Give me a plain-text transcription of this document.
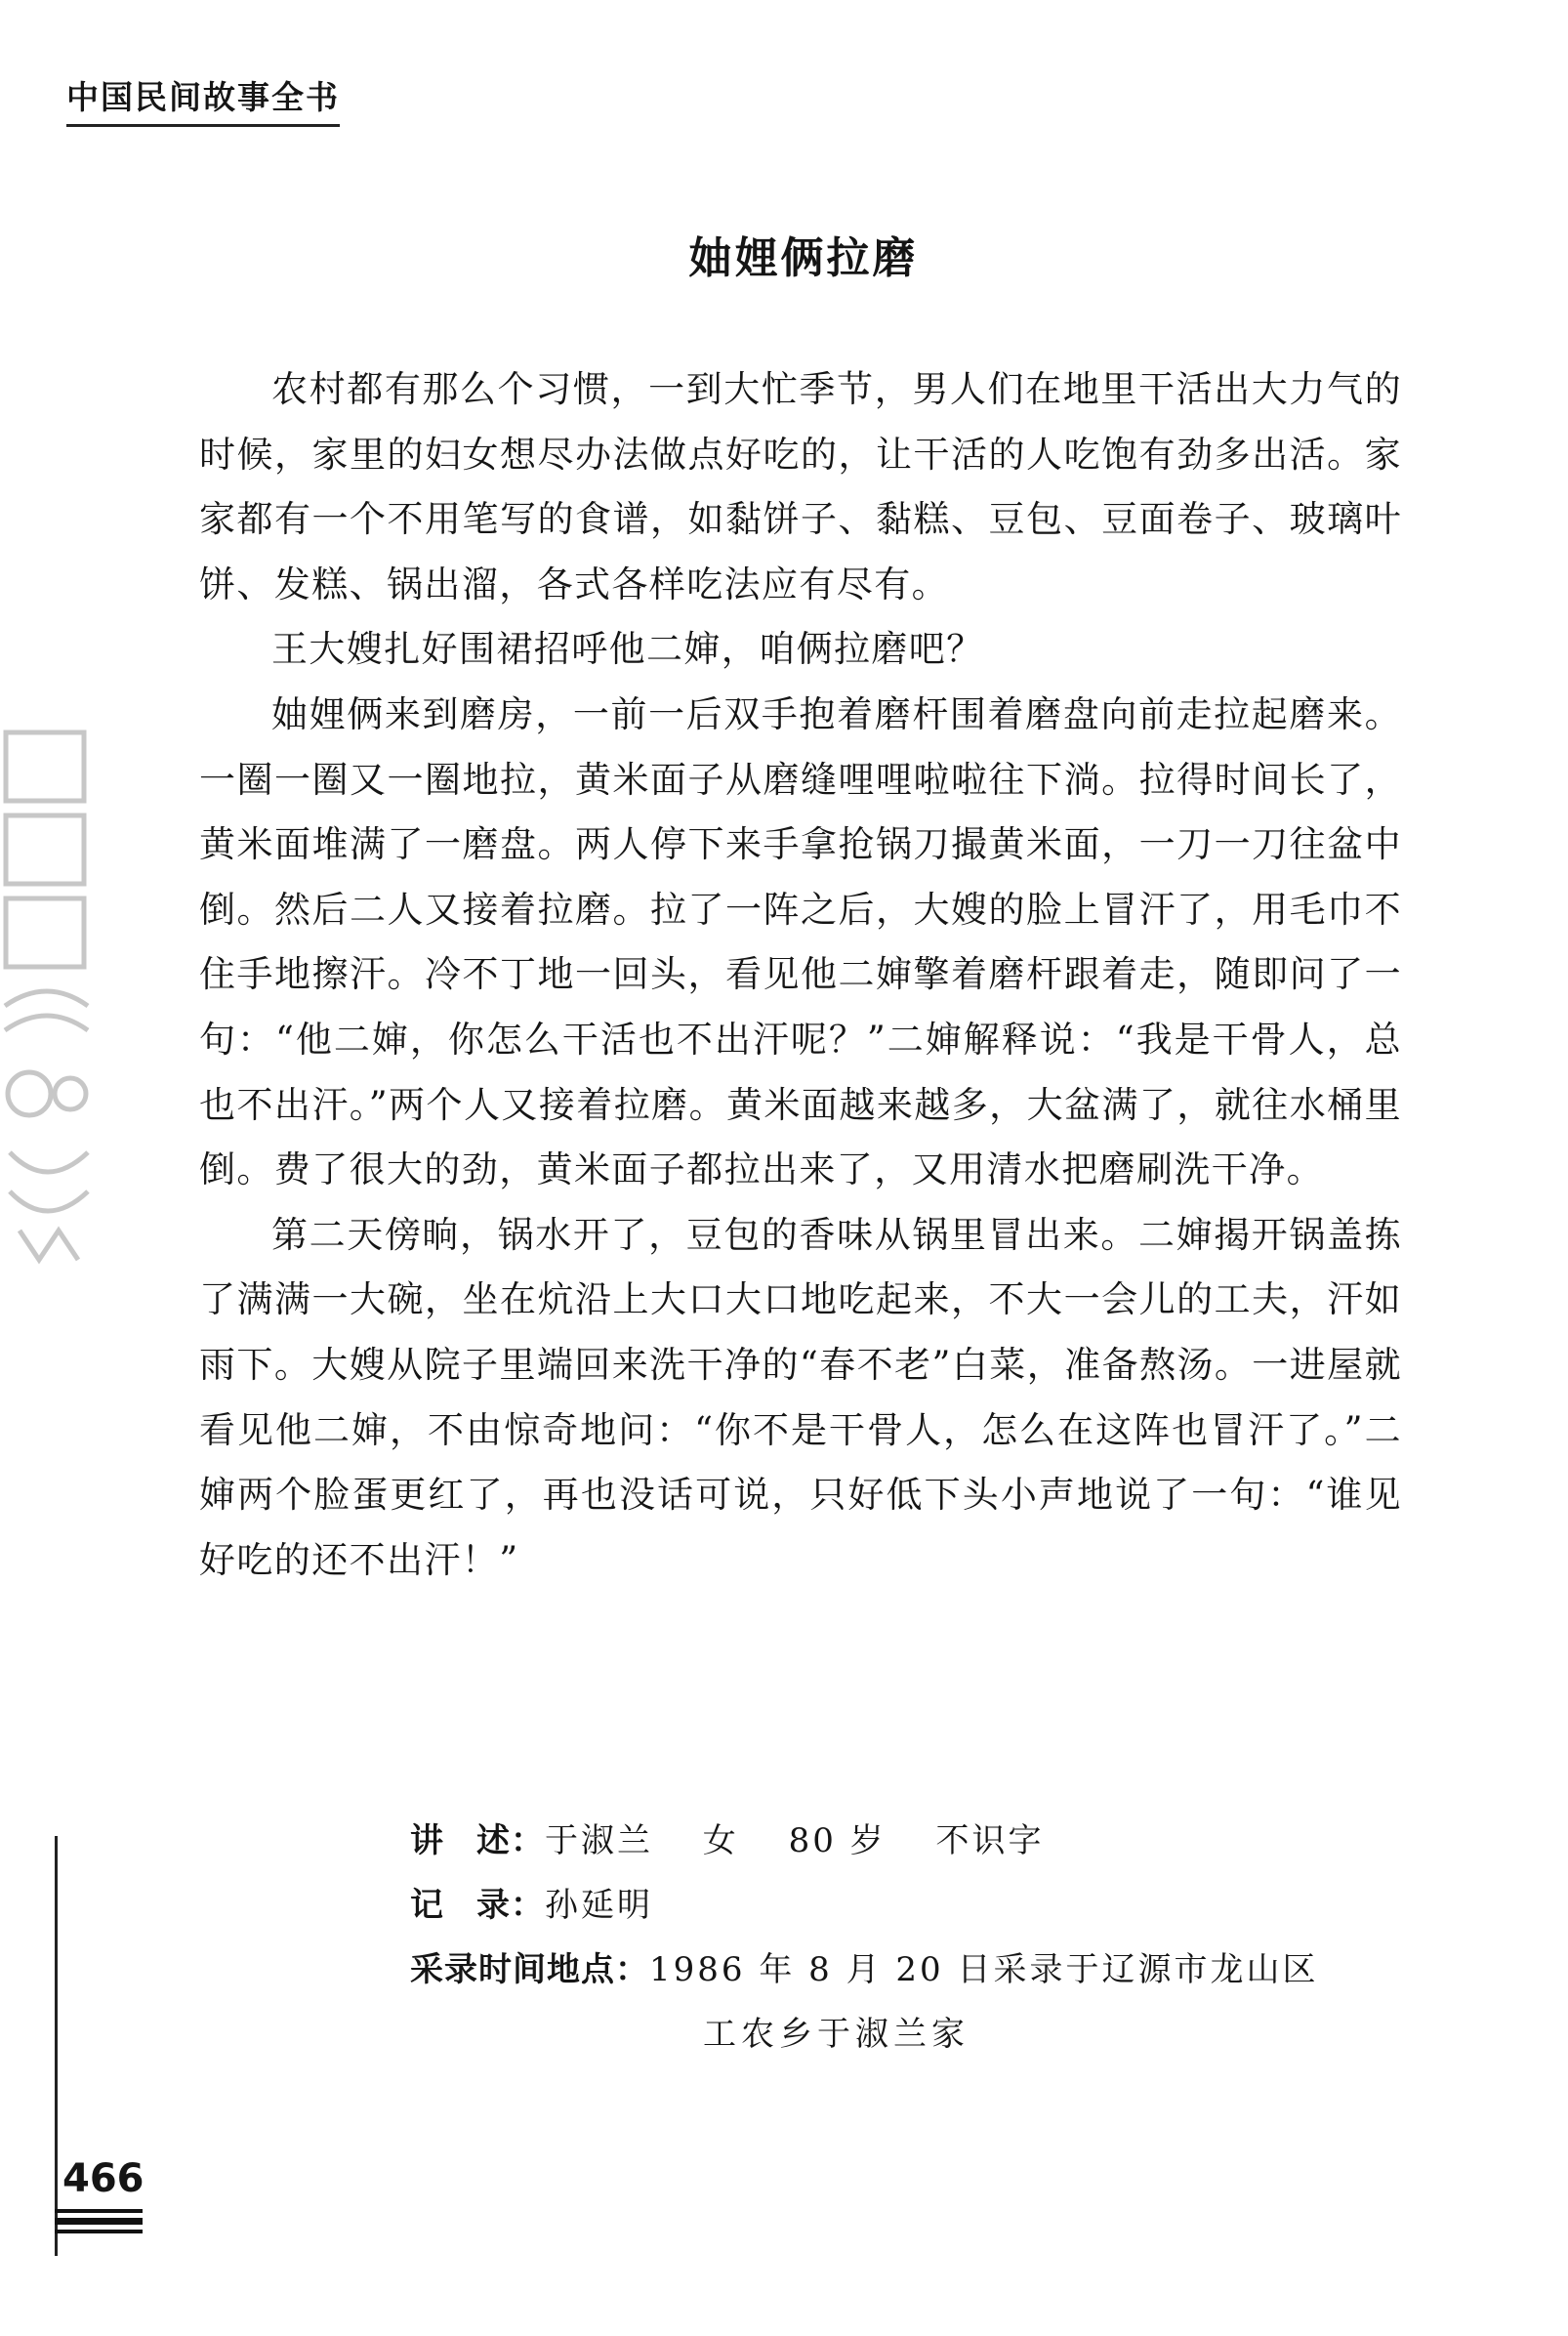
中国民间故事全书
妯娌俩拉磨

农村都有那么个习惯，一到大忙季节，男人们在地里干活出大力气的时候，家里的妇女想尽办法做点好吃的，让干活的人吃饱有劲多出活。家家都有一个不用笔写的食谱，如黏饼子、黏糕、豆包、豆面卷子、玻璃叶饼、发糕、锅出溜，各式各样吃法应有尽有。

王大嫂扎好围裙招呼他二婶，咱俩拉磨吧？

妯娌俩来到磨房，一前一后双手抱着磨杆围着磨盘向前走拉起磨来。一圈一圈又一圈地拉，黄米面子从磨缝哩哩啦啦往下淌。拉得时间长了，黄米面堆满了一磨盘。两人停下来手拿抢锅刀撮黄米面，一刀一刀往盆中倒。然后二人又接着拉磨。拉了一阵之后，大嫂的脸上冒汗了，用毛巾不住手地擦汗。冷不丁地一回头，看见他二婶擎着磨杆跟着走，随即问了一句：“他二婶，你怎么干活也不出汗呢？”二婶解释说：“我是干骨人，总也不出汗。”两个人又接着拉磨。黄米面越来越多，大盆满了，就往水桶里倒。费了很大的劲，黄米面子都拉出来了，又用清水把磨刷洗干净。

第二天傍晌，锅水开了，豆包的香味从锅里冒出来。二婶揭开锅盖拣了满满一大碗，坐在炕沿上大口大口地吃起来，不大一会儿的工夫，汗如雨下。大嫂从院子里端回来洗干净的“春不老”白菜，准备熬汤。一进屋就看见他二婶，不由惊奇地问：“你不是干骨人，怎么在这阵也冒汗了。”二婶两个脸蛋更红了，再也没话可说，只好低下头小声地说了一句：“谁见好吃的还不出汗！”

讲 述： 于淑兰　 女　 80 岁　 不识字
记 录： 孙延明
采录时间地点： 1986 年 8 月 20 日采录于辽源市龙山区
工农乡于淑兰家
466
